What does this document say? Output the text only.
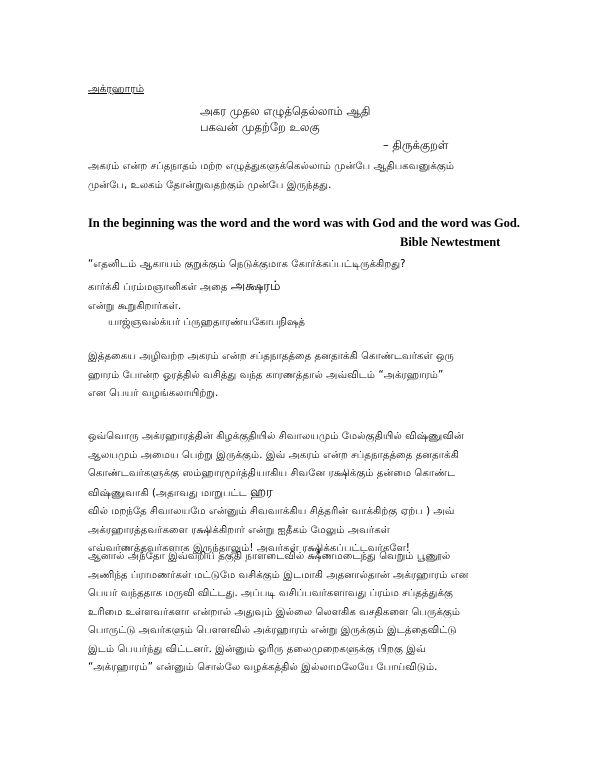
அக்ரஹாரம்
அகர முதல எழுத்தெல்லாம் ஆதி
பகவன் முதற்றே உலகு
– திருக்குறள்
அகரம் என்ற சப்தநாதம் மற்ற எழுத்துகளுக்கெல்லாம் முன்பே ஆதிபகவனுக்கும்
முன்பே, உலகம் தோன்றுவதற்கும் முன்பே இருந்தது.
In the beginning was the word and the word was with God and the word was God.
Bible Newtestment
“எதனிடம் ஆகாயம் குறுக்கும் நெடுக்குமாக கோர்க்கப்பட்டிருக்கிறது?
கார்க்கி ப்ரம்மஞானிகள் அதை அக்ஷரம்
என்று கூறுகிறார்கள்.
யாஜ்ஞவல்க்யர் ப்ருஹதாரண்யகோபநிஷத்
இத்தகைய அழிவற்ற அகரம் என்ற சப்தநாதத்தை தனதாக்கி கொண்டவர்கள் ஒரு
ஹாரம் போன்ற ஓரத்தில் வசித்து வந்த காரணத்தால் அவ்விடம் “அக்ரஹாரம்”
என பெயர் வழங்கலாயிற்று.
ஒவ்வொரு அக்ரஹாரத்தின் கிழக்குதியில் சிவாலயமும் மேல்குதியில் விஷ்ணுவின்
ஆலயமும் அமைய பெற்று இருக்கும். இவ் அகரம் என்ற சப்தநாதத்தை தனதாக்கி
கொண்டவர்களுக்கு ஸம்ஹாரமூர்த்தியாகிய சிவனே ரக்ஷிக்கும் தன்மை கொண்ட
விஷ்ணுவாகி (அதாவது மாறுபட்ட ஹர
வில் மறந்தே சிவாலயமே என்னும் சிவவாக்கிய சித்தரின் வாக்கிற்கு ஏற்ப ) அவ்
அக்ரஹாரத்தவர்களை ரக்ஷிக்கிறார் என்று ஐதீகம் மேலும் அவர்கள்
எவ்வர்ணத்தவர்களாக இருந்தாலும்! அவர்கள் ரக்ஷிக்கப்பட்டவர்களே!
ஆனால் அந்தோ இவ்வறிய தகுதி நாளடைவில் க்ஷீணமடைந்து வெறும் பூணூல்
அணிந்த ப்ராமணர்கள் மட்டுமே வசிக்கும் இடமாகி அதனால்தான் அக்ரஹாரம் என
பெயர் வந்ததாக மருவி விட்டது. அப்படி வசிப்பவர்களாவது ப்ரம்ம சப்தத்துக்கு
உரிமை உள்ளவர்களா என்றால் அதுவும் இல்லை லௌகிக வசதிகளை பெருக்கும்
பொருட்டு அவர்களும் பௌளவில் அக்ரஹாரம் என்று இருக்கும் இடத்தைவிட்டு
இடம் பெயர்ந்து விட்டனர். இன்னும் ஓரிரு தலைமுறைகளுக்கு பிறகு இவ்
“அக்ரஹாரம்” என்னும் சொல்லே வழக்கத்தில் இல்லாமலேயே போய்விடும்.
